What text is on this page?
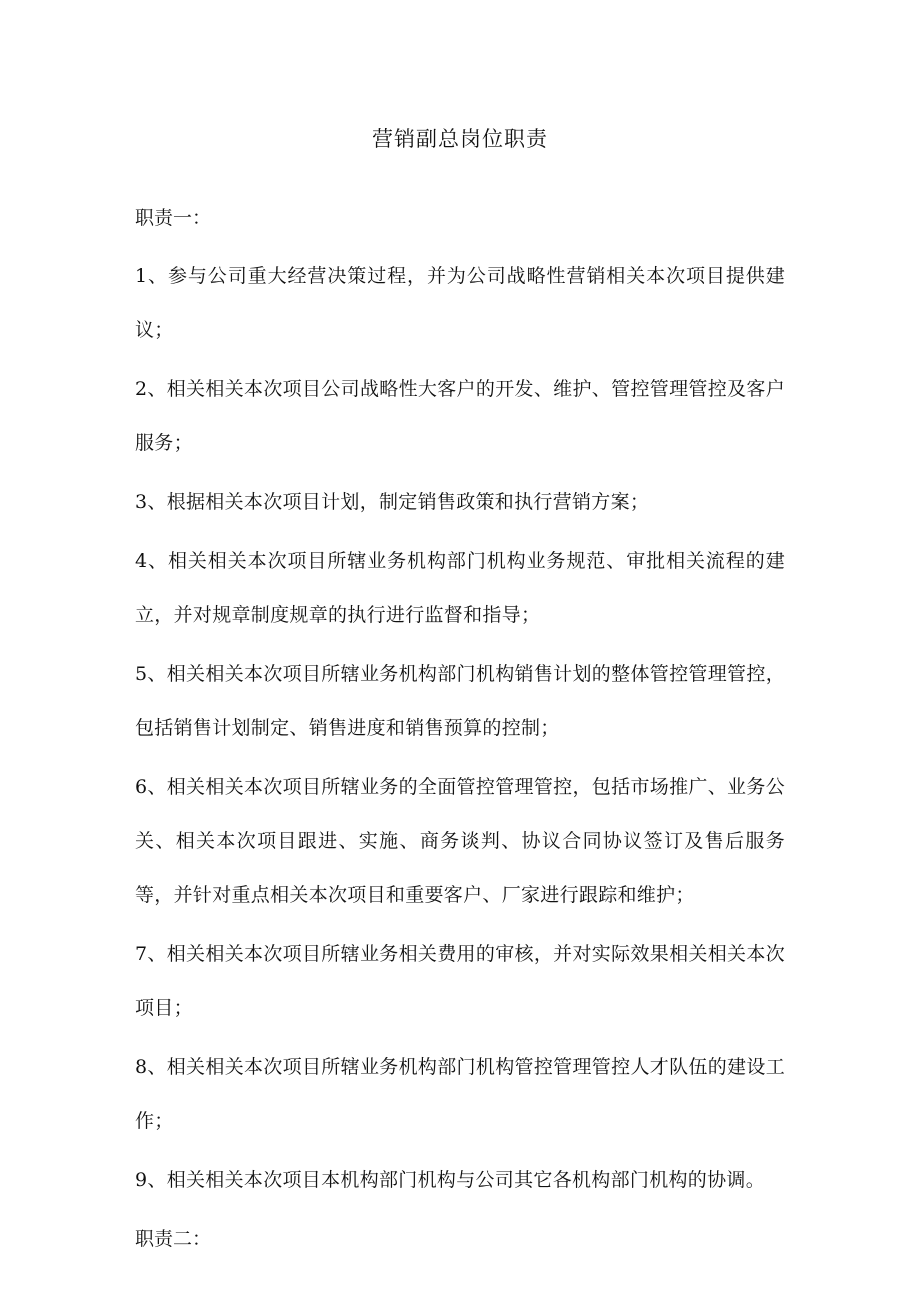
营销副总岗位职责

职责一：

1、参与公司重大经营决策过程，并为公司战略性营销相关本次项目提供建议；

2、相关相关本次项目公司战略性大客户的开发、维护、管控管理管控及客户服务；

3、根据相关本次项目计划，制定销售政策和执行营销方案；

4、相关相关本次项目所辖业务机构部门机构业务规范、审批相关流程的建立，并对规章制度规章的执行进行监督和指导；

5、相关相关本次项目所辖业务机构部门机构销售计划的整体管控管理管控，包括销售计划制定、销售进度和销售预算的控制；

6、相关相关本次项目所辖业务的全面管控管理管控，包括市场推广、业务公关、相关本次项目跟进、实施、商务谈判、协议合同协议签订及售后服务等，并针对重点相关本次项目和重要客户、厂家进行跟踪和维护；

7、相关相关本次项目所辖业务相关费用的审核，并对实际效果相关相关本次项目；

8、相关相关本次项目所辖业务机构部门机构管控管理管控人才队伍的建设工作；

9、相关相关本次项目本机构部门机构与公司其它各机构部门机构的协调。

职责二：
